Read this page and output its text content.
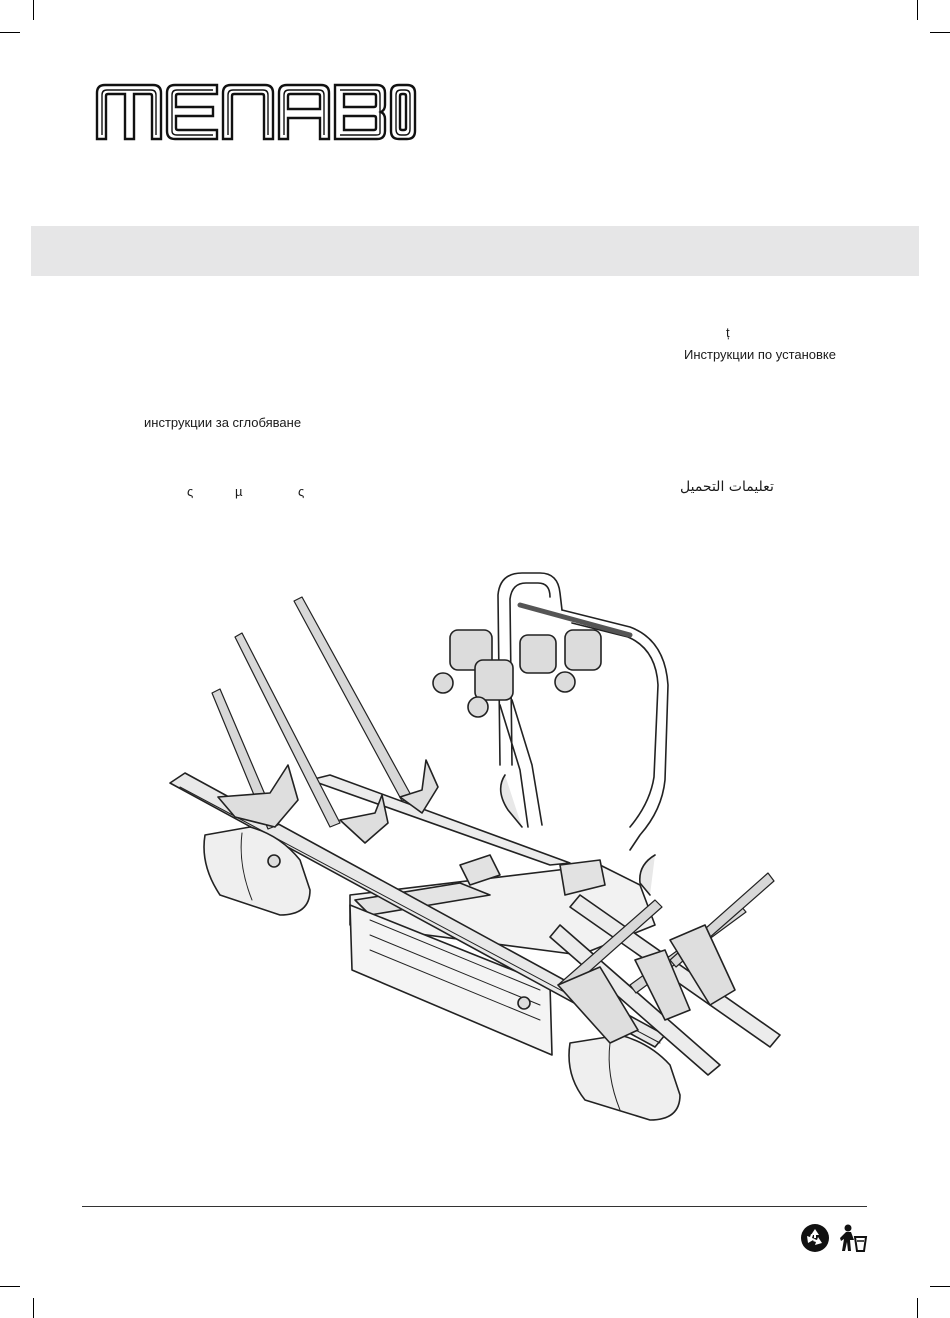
ț
Инструкции по установке
инструкции за сглобяване
ς	µ	ς	تعليمات التحميل
